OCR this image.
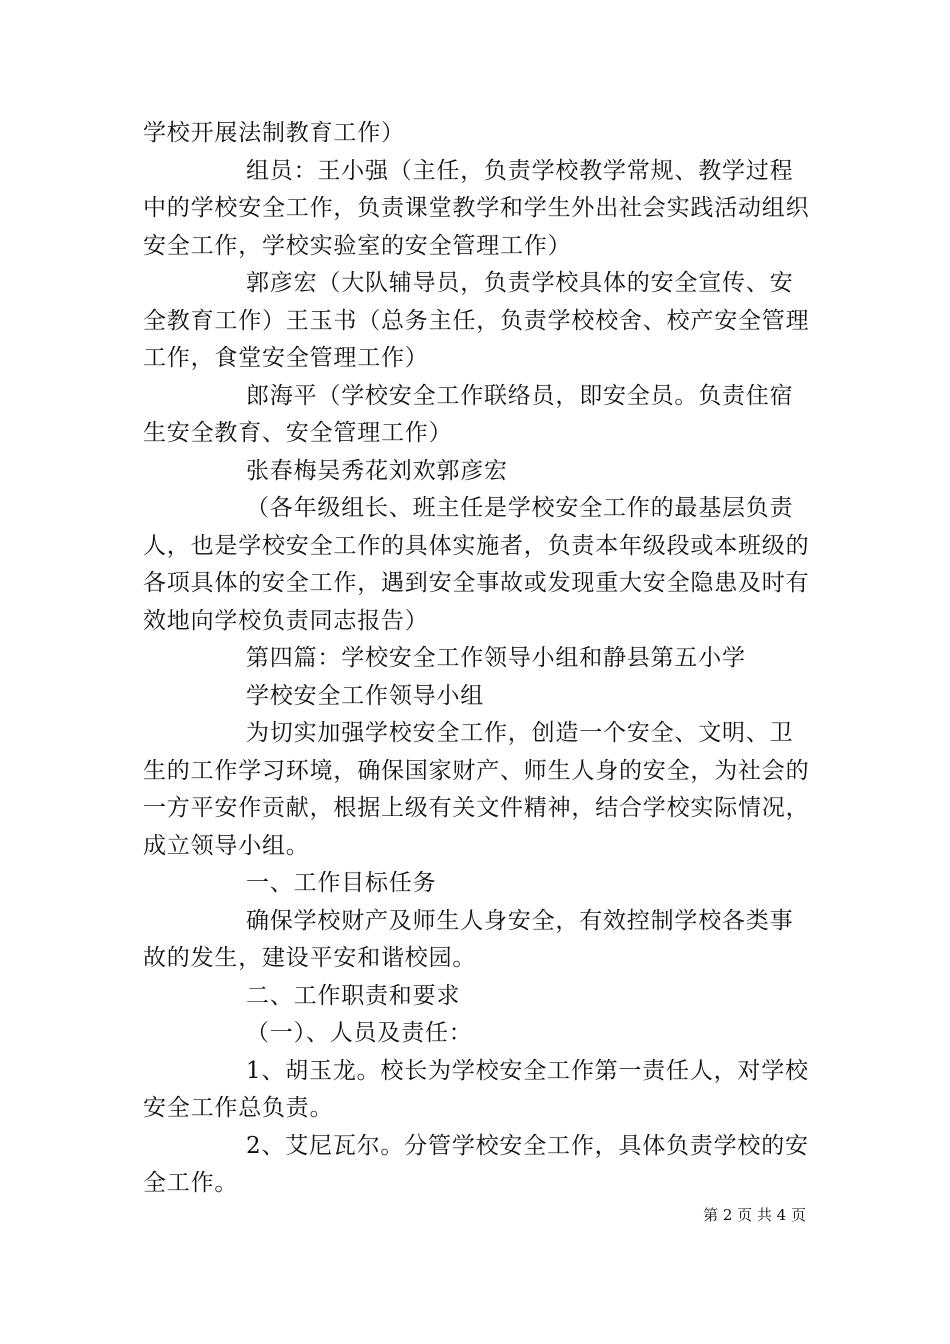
学校开展法制教育工作）

组员：王小强（主任，负责学校教学常规、教学过程中的学校安全工作，负责课堂教学和学生外出社会实践活动组织安全工作，学校实验室的安全管理工作）

郭彦宏（大队辅导员，负责学校具体的安全宣传、安全教育工作）王玉书（总务主任，负责学校校舍、校产安全管理工作，食堂安全管理工作）

郎海平（学校安全工作联络员，即安全员。负责住宿生安全教育、安全管理工作）

张春梅吴秀花刘欢郭彦宏

（各年级组长、班主任是学校安全工作的最基层负责人，也是学校安全工作的具体实施者，负责本年级段或本班级的各项具体的安全工作，遇到安全事故或发现重大安全隐患及时有效地向学校负责同志报告）

第四篇：学校安全工作领导小组和静县第五小学

学校安全工作领导小组

为切实加强学校安全工作，创造一个安全、文明、卫生的工作学习环境，确保国家财产、师生人身的安全，为社会的一方平安作贡献，根据上级有关文件精神，结合学校实际情况，成立领导小组。

一、工作目标任务

确保学校财产及师生人身安全，有效控制学校各类事故的发生，建设平安和谐校园。

二、工作职责和要求

（一）、人员及责任：

1、胡玉龙。校长为学校安全工作第一责任人，对学校安全工作总负责。

2、艾尼瓦尔。分管学校安全工作，具体负责学校的安全工作。

第 2 页 共 4 页
